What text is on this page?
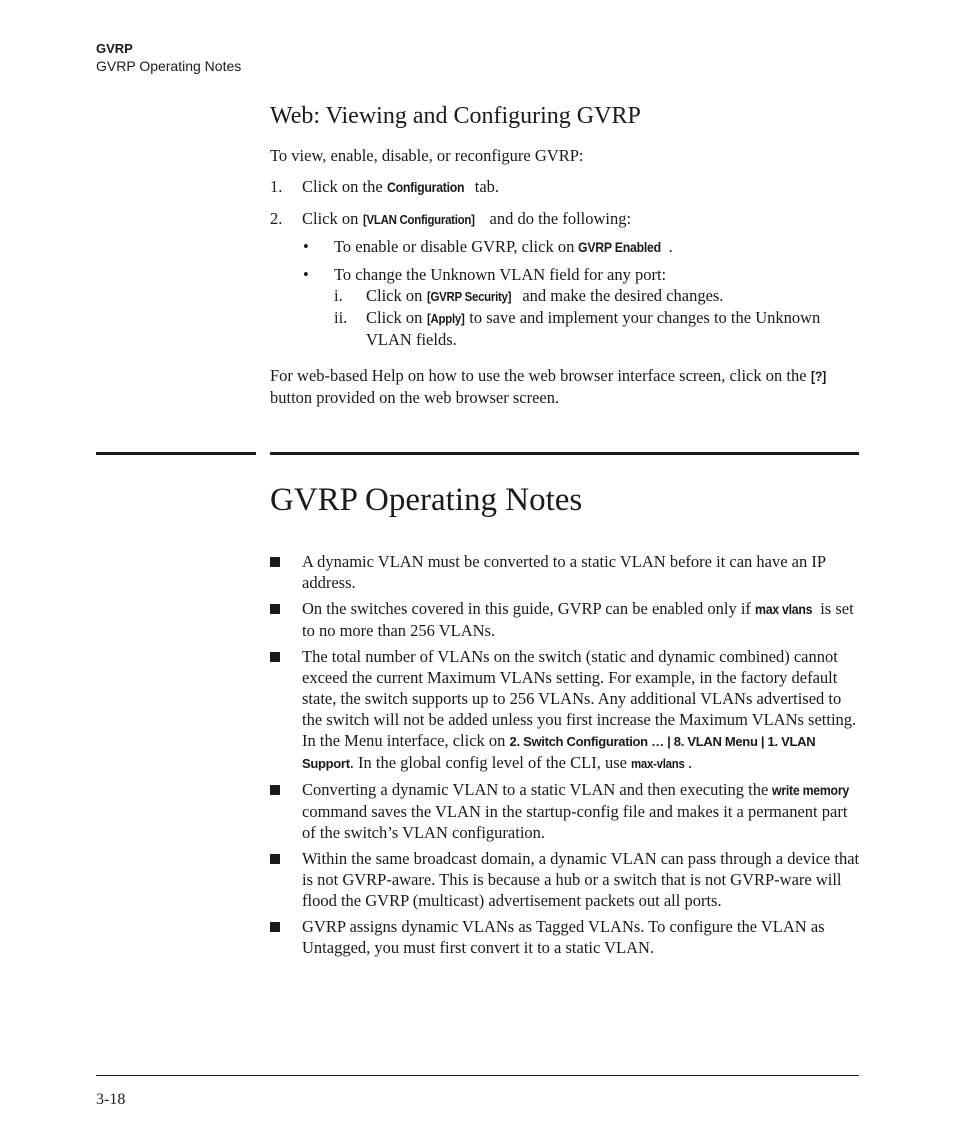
GVRP
GVRP Operating Notes
Web: Viewing and Configuring GVRP

To view, enable, disable, or reconfigure GVRP:

1. Click on the Configuration tab.
2. Click on [VLAN Configuration] and do the following:
• To enable or disable GVRP, click on GVRP Enabled .
• To change the Unknown VLAN field for any port:
i. Click on [GVRP Security] and make the desired changes.
ii. Click on [Apply] to save and implement your changes to the Unknown VLAN fields.

For web-based Help on how to use the web browser interface screen, click on the [?] button provided on the web browser screen.

GVRP Operating Notes
A dynamic VLAN must be converted to a static VLAN before it can have an IP address.
On the switches covered in this guide, GVRP can be enabled only if max vlans is set to no more than 256 VLANs.
The total number of VLANs on the switch (static and dynamic combined) cannot exceed the current Maximum VLANs setting. For example, in the factory default state, the switch supports up to 256 VLANs. Any additional VLANs advertised to the switch will not be added unless you first increase the Maximum VLANs setting. In the Menu interface, click on 2. Switch Configuration … | 8. VLAN Menu | 1. VLAN Support. In the global config level of the CLI, use max-vlans .
Converting a dynamic VLAN to a static VLAN and then executing the write memory command saves the VLAN in the startup-config file and makes it a permanent part of the switch’s VLAN configuration.
Within the same broadcast domain, a dynamic VLAN can pass through a device that is not GVRP-aware. This is because a hub or a switch that is not GVRP-ware will flood the GVRP (multicast) advertisement packets out all ports.
GVRP assigns dynamic VLANs as Tagged VLANs. To configure the VLAN as Untagged, you must first convert it to a static VLAN.
3-18
